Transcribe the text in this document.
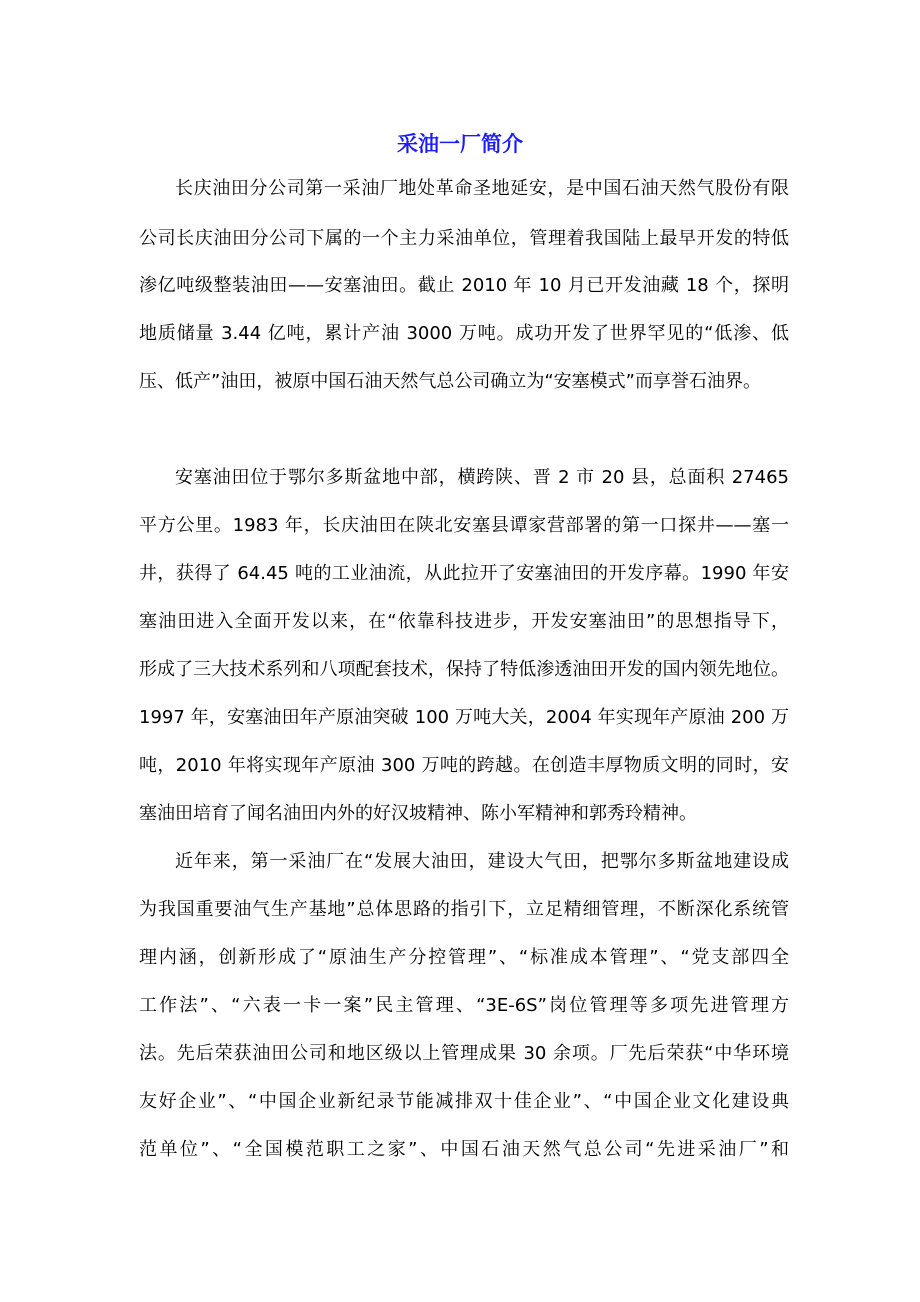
采油一厂简介
长庆油田分公司第一采油厂地处革命圣地延安，是中国石油天然气股份有限
公司长庆油田分公司下属的一个主力采油单位，管理着我国陆上最早开发的特低
渗亿吨级整装油田——安塞油田。截止 2010 年 10 月已开发油藏 18 个，探明
地质储量 3.44 亿吨，累计产油 3000 万吨。成功开发了世界罕见的“低渗、低
压、低产”油田，被原中国石油天然气总公司确立为“安塞模式”而享誉石油界。
安塞油田位于鄂尔多斯盆地中部，横跨陕、晋 2 市 20 县，总面积 27465
平方公里。1983 年，长庆油田在陕北安塞县谭家营部署的第一口探井——塞一
井，获得了 64.45 吨的工业油流，从此拉开了安塞油田的开发序幕。1990 年安
塞油田进入全面开发以来，在“依靠科技进步，开发安塞油田”的思想指导下，
形成了三大技术系列和八项配套技术，保持了特低渗透油田开发的国内领先地位。
1997 年，安塞油田年产原油突破 100 万吨大关，2004 年实现年产原油 200 万
吨，2010 年将实现年产原油 300 万吨的跨越。在创造丰厚物质文明的同时，安
塞油田培育了闻名油田内外的好汉坡精神、陈小军精神和郭秀玲精神。
近年来，第一采油厂在“发展大油田，建设大气田，把鄂尔多斯盆地建设成
为我国重要油气生产基地”总体思路的指引下，立足精细管理，不断深化系统管
理内涵，创新形成了“原油生产分控管理”、“标准成本管理”、“党支部四全
工作法”、“六表一卡一案”民主管理、“3E-6S”岗位管理等多项先进管理方
法。先后荣获油田公司和地区级以上管理成果 30 余项。厂先后荣获“中华环境
友好企业”、“中国企业新纪录节能减排双十佳企业”、“中国企业文化建设典
范单位”、“全国模范职工之家”、中国石油天然气总公司“先进采油厂”和
